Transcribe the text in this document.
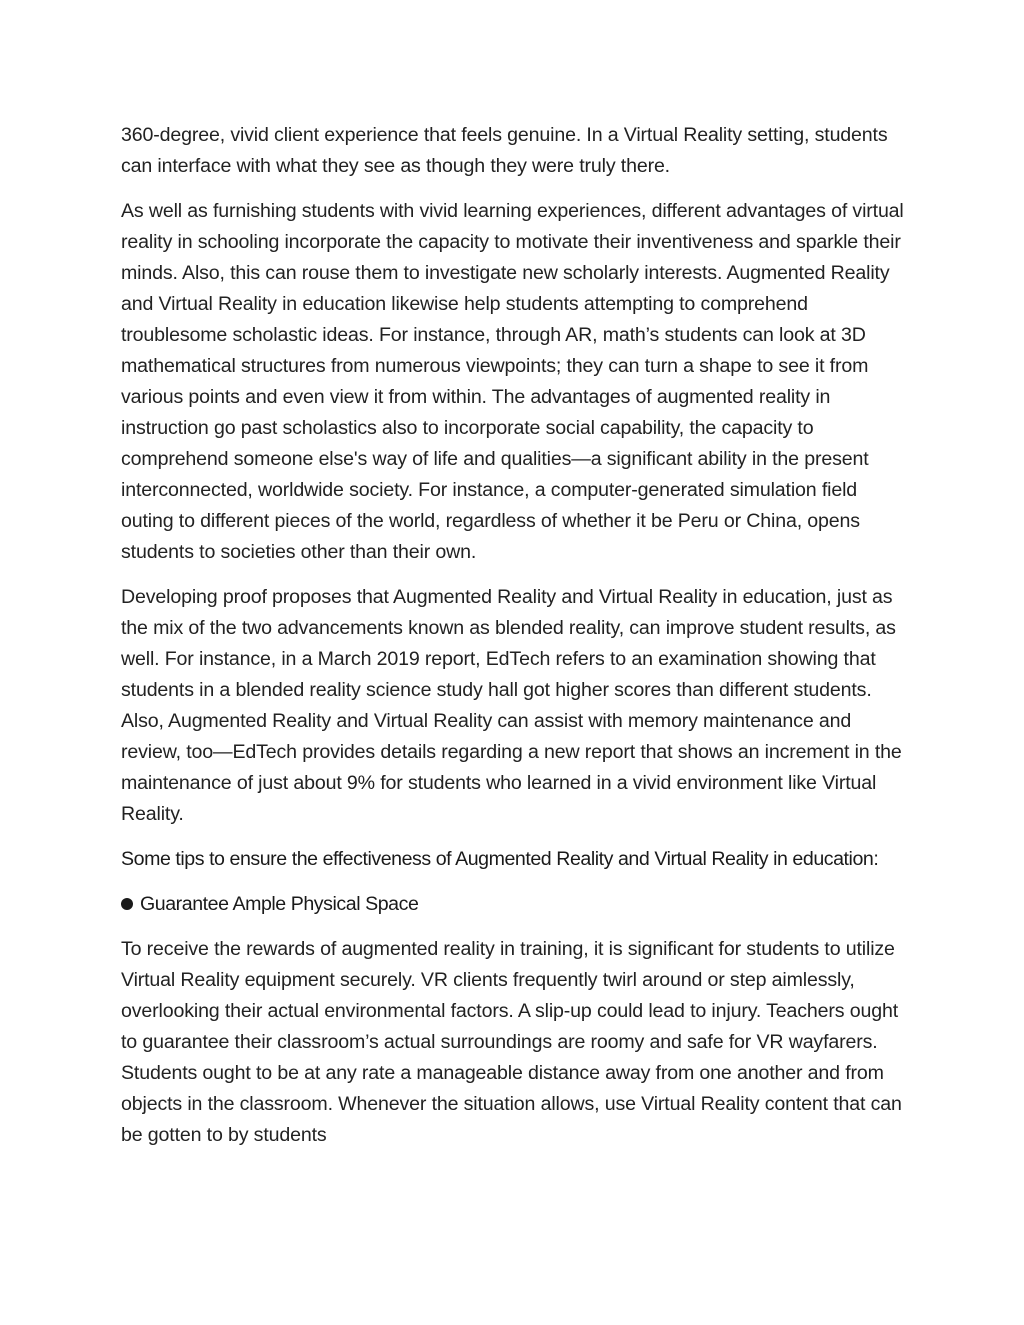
360-degree, vivid client experience that feels genuine. In a Virtual Reality setting, students can interface with what they see as though they were truly there.

As well as furnishing students with vivid learning experiences, different advantages of virtual reality in schooling incorporate the capacity to motivate their inventiveness and sparkle their minds. Also, this can rouse them to investigate new scholarly interests. Augmented Reality and Virtual Reality in education likewise help students attempting to comprehend troublesome scholastic ideas. For instance, through AR, math’s students can look at 3D mathematical structures from numerous viewpoints; they can turn a shape to see it from various points and even view it from within. The advantages of augmented reality in instruction go past scholastics also to incorporate social capability, the capacity to comprehend someone else's way of life and qualities—a significant ability in the present interconnected, worldwide society. For instance, a computer-generated simulation field outing to different pieces of the world, regardless of whether it be Peru or China, opens students to societies other than their own.

Developing proof proposes that Augmented Reality and Virtual Reality in education, just as the mix of the two advancements known as blended reality, can improve student results, as well. For instance, in a March 2019 report, EdTech refers to an examination showing that students in a blended reality science study hall got higher scores than different students. Also, Augmented Reality and Virtual Reality can assist with memory maintenance and review, too—EdTech provides details regarding a new report that shows an increment in the maintenance of just about 9% for students who learned in a vivid environment like Virtual Reality.

Some tips to ensure the effectiveness of Augmented Reality and Virtual Reality in education:

Guarantee Ample Physical Space

To receive the rewards of augmented reality in training, it is significant for students to utilize Virtual Reality equipment securely. VR clients frequently twirl around or step aimlessly, overlooking their actual environmental factors. A slip-up could lead to injury. Teachers ought to guarantee their classroom’s actual surroundings are roomy and safe for VR wayfarers. Students ought to be at any rate a manageable distance away from one another and from objects in the classroom. Whenever the situation allows, use Virtual Reality content that can be gotten to by students
